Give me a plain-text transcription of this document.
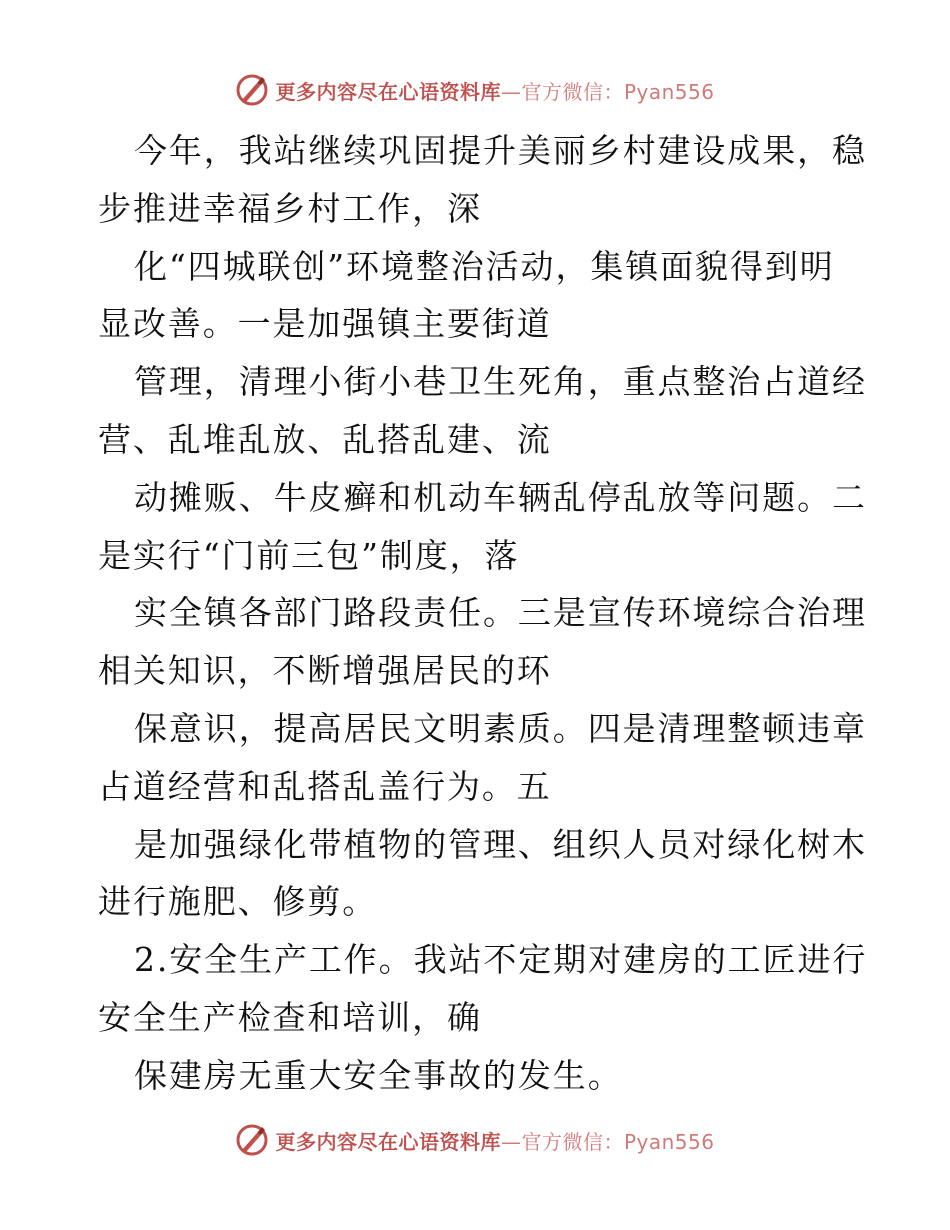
更多内容尽在心语资料库 —官方微信：Pyan556
今年，我站继续巩固提升美丽乡村建设成果，稳
步推进幸福乡村工作，深
化“四城联创”环境整治活动，集镇面貌得到明
显改善。一是加强镇主要街道
管理，清理小街小巷卫生死角，重点整治占道经
营、乱堆乱放、乱搭乱建、流
动摊贩、牛皮癣和机动车辆乱停乱放等问题。二
是实行“门前三包”制度，落
实全镇各部门路段责任。三是宣传环境综合治理
相关知识，不断增强居民的环
保意识，提高居民文明素质。四是清理整顿违章
占道经营和乱搭乱盖行为。五
是加强绿化带植物的管理、组织人员对绿化树木
进行施肥、修剪。
2.安全生产工作。我站不定期对建房的工匠进行
安全生产检查和培训，确
保建房无重大安全事故的发生。
更多内容尽在心语资料库 —官方微信：Pyan556
